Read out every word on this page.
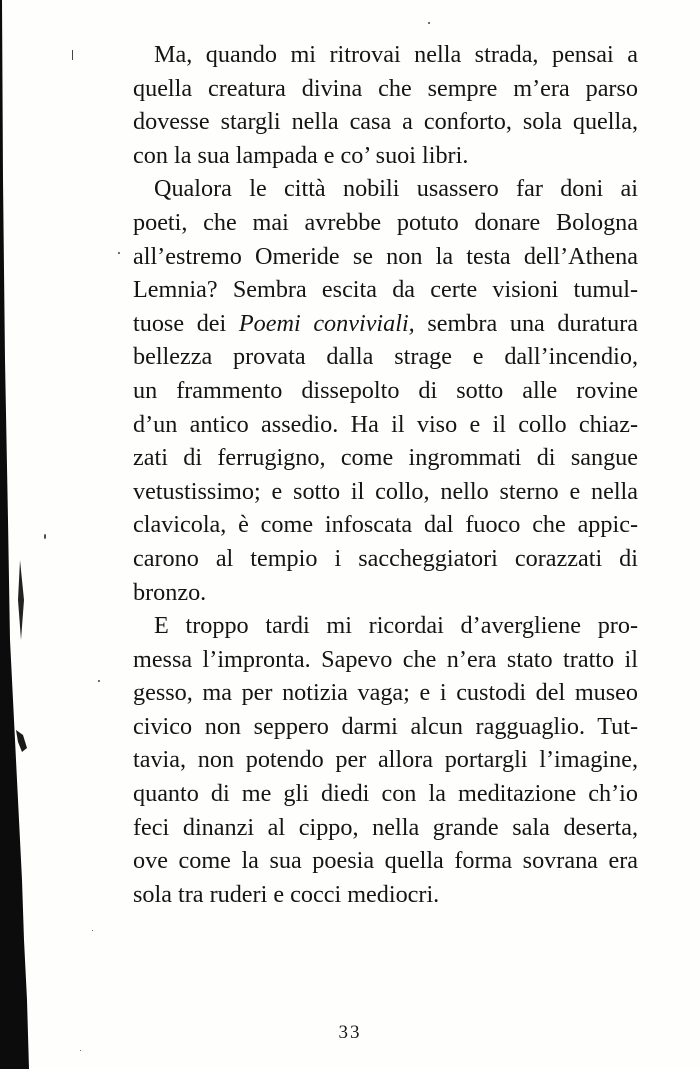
Ma, quando mi ritrovai nella strada, pensai a
quella creatura divina che sempre m’era parso
dovesse stargli nella casa a conforto, sola quella,
con la sua lampada e co’ suoi libri.

Qualora le città nobili usassero far doni ai
poeti, che mai avrebbe potuto donare Bologna
all’estremo Omeride se non la testa dell’Athena
Lemnia? Sembra escita da certe visioni tumul-
tuose dei Poemi conviviali, sembra una duratura
bellezza provata dalla strage e dall’incendio,
un frammento dissepolto di sotto alle rovine
d’un antico assedio. Ha il viso e il collo chiaz-
zati di ferrugigno, come ingrommati di sangue
vetustissimo; e sotto il collo, nello sterno e nella
clavicola, è come infoscata dal fuoco che appic-
carono al tempio i saccheggiatori corazzati di
bronzo.

E troppo tardi mi ricordai d’avergliene pro-
messa l’impronta. Sapevo che n’era stato tratto il
gesso, ma per notizia vaga; e i custodi del museo
civico non seppero darmi alcun ragguaglio. Tut-
tavia, non potendo per allora portargli l’imagine,
quanto di me gli diedi con la meditazione ch’io
feci dinanzi al cippo, nella grande sala deserta,
ove come la sua poesia quella forma sovrana era
sola tra ruderi e cocci mediocri.

33
